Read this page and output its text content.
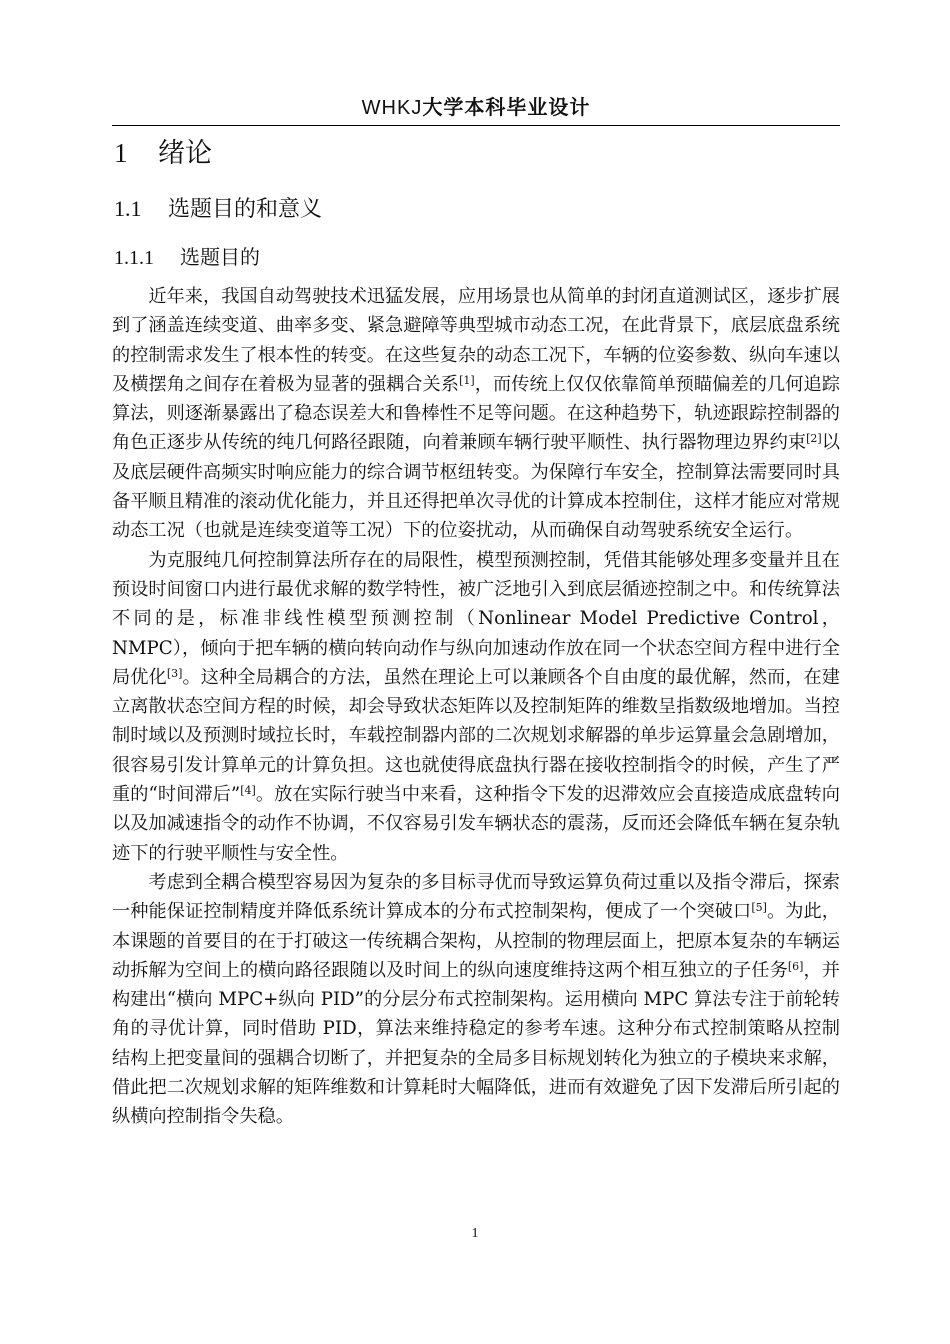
WHKJ大学本科毕业设计
1 绪论
1.1 选题目的和意义
1.1.1 选题目的

近年来，我国自动驾驶技术迅猛发展，应用场景也从简单的封闭直道测试区，逐步扩展到了涵盖连续变道、曲率多变、紧急避障等典型城市动态工况，在此背景下，底层底盘系统的控制需求发生了根本性的转变。在这些复杂的动态工况下，车辆的位姿参数、纵向车速以及横摆角之间存在着极为显著的强耦合关系[1]，而传统上仅仅依靠简单预瞄偏差的几何追踪算法，则逐渐暴露出了稳态误差大和鲁棒性不足等问题。在这种趋势下，轨迹跟踪控制器的角色正逐步从传统的纯几何路径跟随，向着兼顾车辆行驶平顺性、执行器物理边界约束[2]以及底层硬件高频实时响应能力的综合调节枢纽转变。为保障行车安全，控制算法需要同时具备平顺且精准的滚动优化能力，并且还得把单次寻优的计算成本控制住，这样才能应对常规动态工况（也就是连续变道等工况）下的位姿扰动，从而确保自动驾驶系统安全运行。

为克服纯几何控制算法所存在的局限性，模型预测控制，凭借其能够处理多变量并且在预设时间窗口内进行最优求解的数学特性，被广泛地引入到底层循迹控制之中。和传统算法不同的是，标准非线性模型预测控制（Nonlinear Model Predictive Control，NMPC），倾向于把车辆的横向转向动作与纵向加速动作放在同一个状态空间方程中进行全局优化[3]。这种全局耦合的方法，虽然在理论上可以兼顾各个自由度的最优解，然而，在建立离散状态空间方程的时候，却会导致状态矩阵以及控制矩阵的维数呈指数级地增加。当控制时域以及预测时域拉长时，车载控制器内部的二次规划求解器的单步运算量会急剧增加，很容易引发计算单元的计算负担。这也就使得底盘执行器在接收控制指令的时候，产生了严重的“时间滞后”[4]。放在实际行驶当中来看，这种指令下发的迟滞效应会直接造成底盘转向以及加减速指令的动作不协调，不仅容易引发车辆状态的震荡，反而还会降低车辆在复杂轨迹下的行驶平顺性与安全性。

考虑到全耦合模型容易因为复杂的多目标寻优而导致运算负荷过重以及指令滞后，探索一种能保证控制精度并降低系统计算成本的分布式控制架构，便成了一个突破口[5]。为此，本课题的首要目的在于打破这一传统耦合架构，从控制的物理层面上，把原本复杂的车辆运动拆解为空间上的横向路径跟随以及时间上的纵向速度维持这两个相互独立的子任务[6]，并构建出“横向 MPC+纵向 PID”的分层分布式控制架构。运用横向 MPC 算法专注于前轮转角的寻优计算，同时借助 PID，算法来维持稳定的参考车速。这种分布式控制策略从控制结构上把变量间的强耦合切断了，并把复杂的全局多目标规划转化为独立的子模块来求解，借此把二次规划求解的矩阵维数和计算耗时大幅降低，进而有效避免了因下发滞后所引起的纵横向控制指令失稳。

1
